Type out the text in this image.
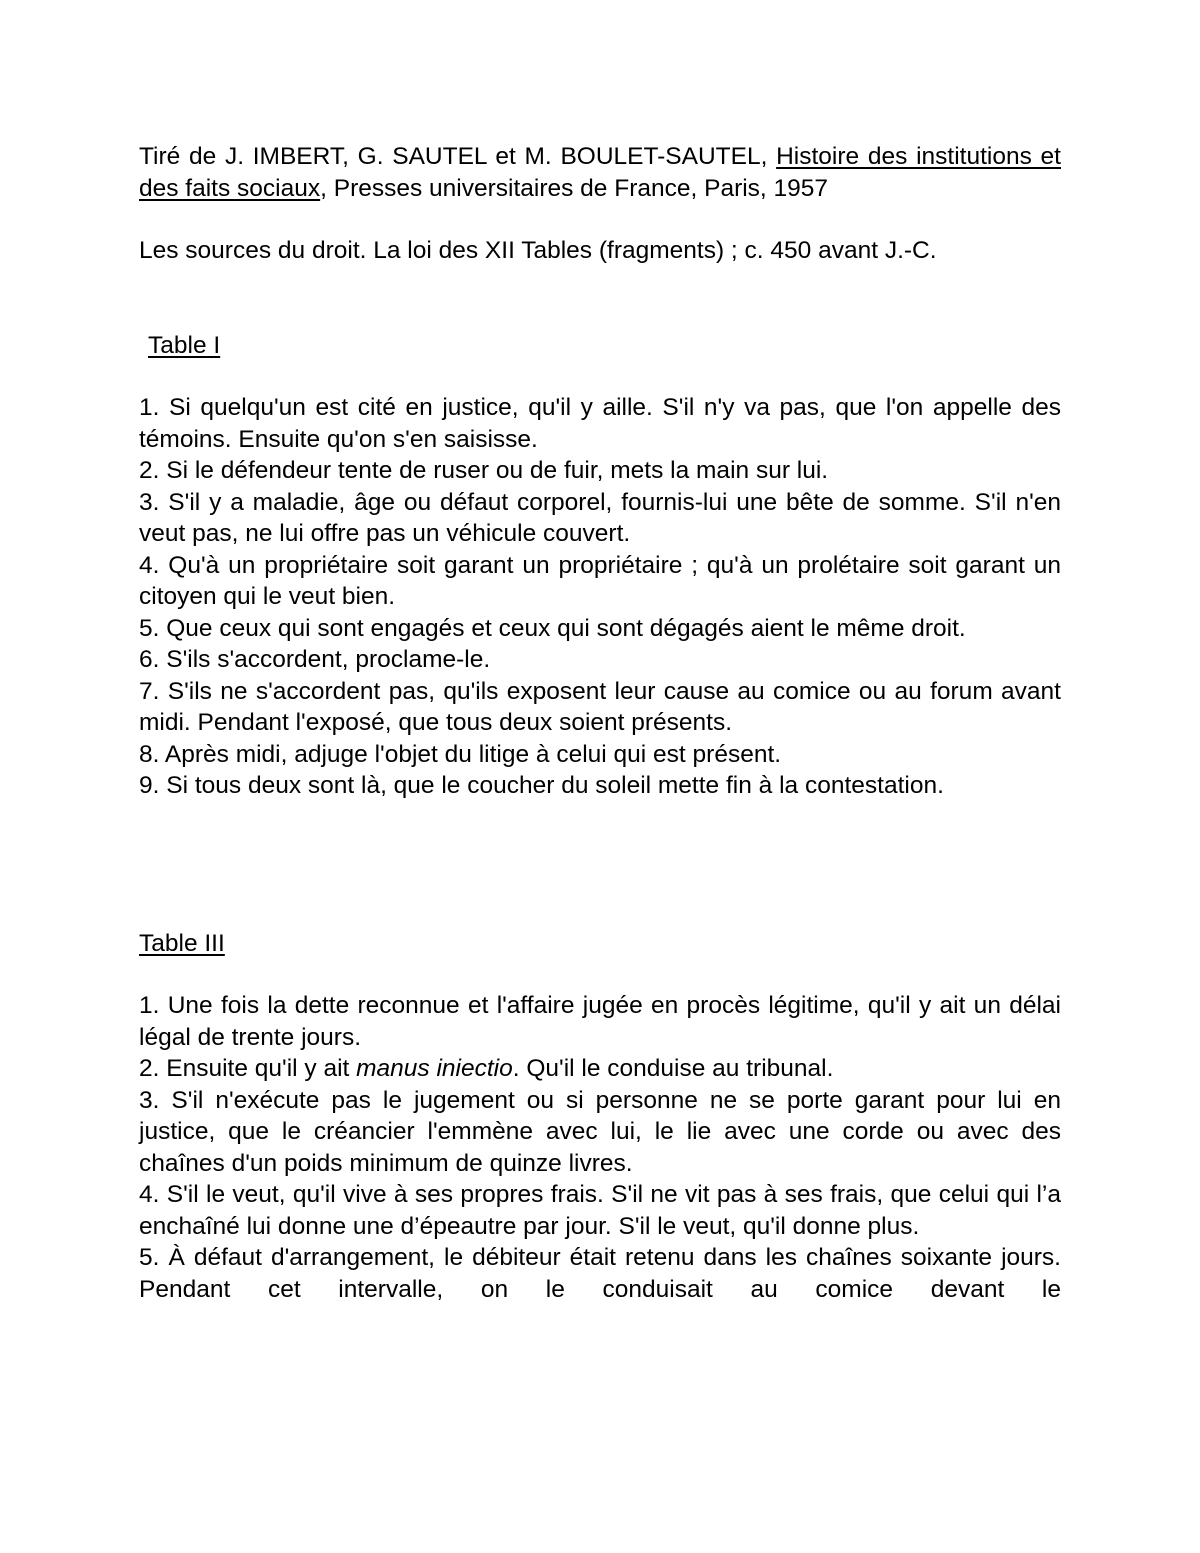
Tiré de J. IMBERT, G. SAUTEL et M. BOULET-SAUTEL, Histoire des institutions et des faits sociaux, Presses universitaires de France, Paris, 1957

Les sources du droit. La loi des XII Tables (fragments) ; c. 450 avant J.-C.

Table I

1. Si quelqu'un est cité en justice, qu'il y aille. S'il n'y va pas, que l'on appelle des témoins. Ensuite qu'on s'en saisisse.

2. Si le défendeur tente de ruser ou de fuir, mets la main sur lui.

3. S'il y a maladie, âge ou défaut corporel, fournis-lui une bête de somme. S'il n'en veut pas, ne lui offre pas un véhicule couvert.

4. Qu'à un propriétaire soit garant un propriétaire ; qu'à un prolétaire soit garant un citoyen qui le veut bien.

5. Que ceux qui sont engagés et ceux qui sont dégagés aient le même droit.

6. S'ils s'accordent, proclame-le.

7. S'ils ne s'accordent pas, qu'ils exposent leur cause au comice ou au forum avant midi. Pendant l'exposé, que tous deux soient présents.

8. Après midi, adjuge l'objet du litige à celui qui est présent.

9. Si tous deux sont là, que le coucher du soleil mette fin à la contestation.

Table III

1. Une fois la dette reconnue et l'affaire jugée en procès légitime, qu'il y ait un délai légal de trente jours.

2. Ensuite qu'il y ait manus iniectio. Qu'il le conduise au tribunal.

3. S'il n'exécute pas le jugement ou si personne ne se porte garant pour lui en justice, que le créancier l'emmène avec lui, le lie avec une corde ou avec des chaînes d'un poids minimum de quinze livres.

4. S'il le veut, qu'il vive à ses propres frais. S'il ne vit pas à ses frais, que celui qui l’a enchaîné lui donne une d’épeautre par jour. S'il le veut, qu'il donne plus.

5. À défaut d'arrangement, le débiteur était retenu dans les chaînes soixante jours. Pendant cet intervalle, on le conduisait au comice devant le
